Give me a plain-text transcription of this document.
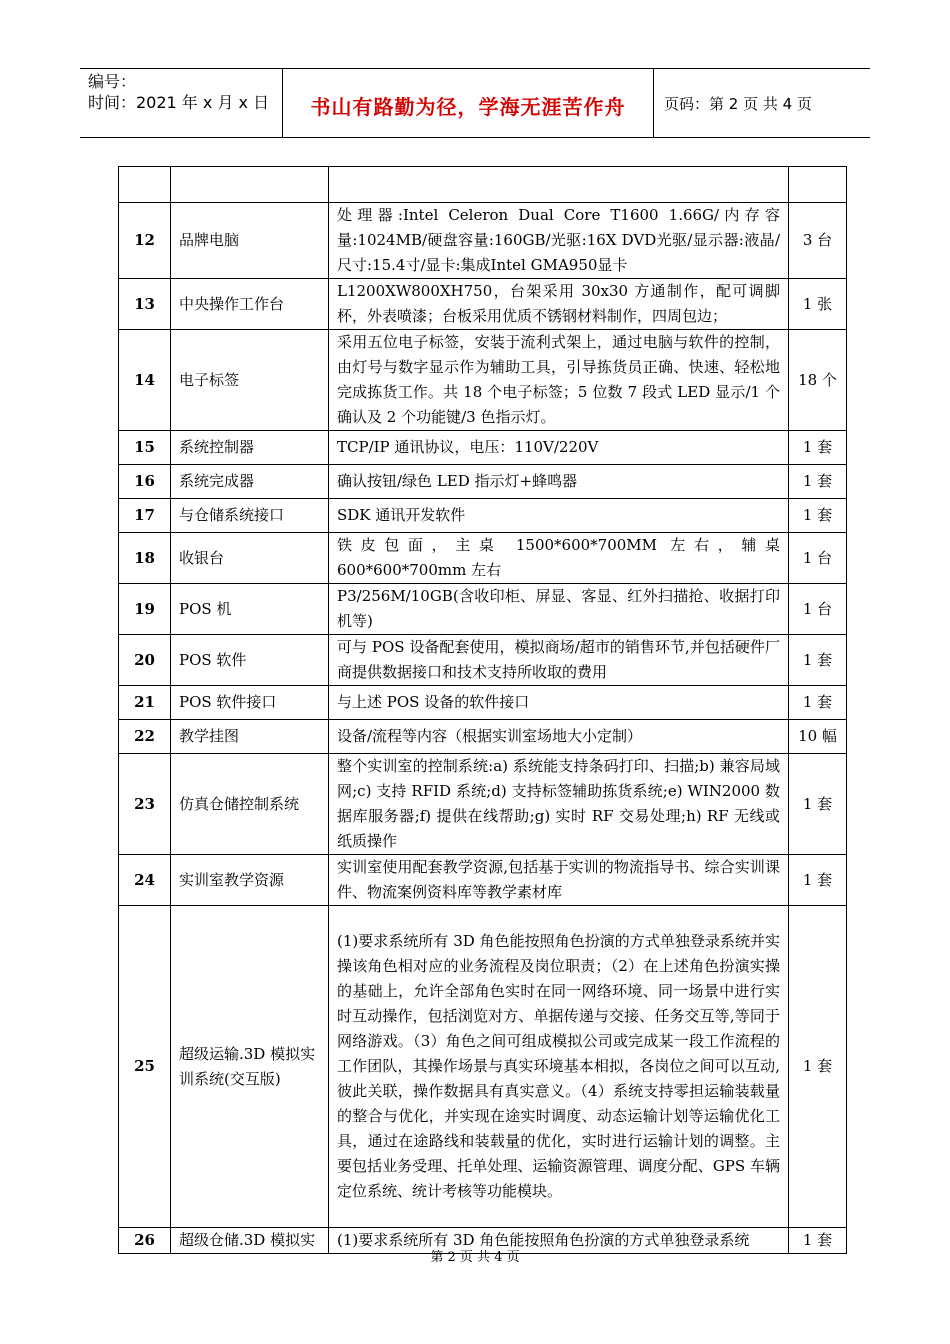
编号：
时间：2021 年 x 月 x 日	书山有路勤为径，学海无涯苦作舟	页码：第 2 页 共 4 页

12	品牌电脑	处理器:Intel Celeron Dual Core T1600 1.66G/内存容量:1024MB/硬盘容量:160GB/光驱:16X DVD光驱/显示器:液晶/尺寸:15.4寸/显卡:集成Intel GMA950显卡	3 台
13	中央操作工作台	L1200XW800XH750，台架采用 30x30 方通制作，配可调脚杯，外表喷漆；台板采用优质不锈钢材料制作，四周包边；	1 张
14	电子标签	采用五位电子标签，安装于流利式架上，通过电脑与软件的控制，由灯号与数字显示作为辅助工具，引导拣货员正确、快速、轻松地完成拣货工作。共 18 个电子标签；5 位数 7 段式 LED 显示/1 个确认及 2 个功能键/3 色指示灯。	18 个
15	系统控制器	TCP/IP 通讯协议，电压：110V/220V	1 套
16	系统完成器	确认按钮/绿色 LED 指示灯+蜂鸣器	1 套
17	与仓储系统接口	SDK 通讯开发软件	1 套
18	收银台	铁皮包面，主桌 1500*600*700MM 左右，辅桌 600*600*700mm 左右	1 台
19	POS 机	P3/256M/10GB(含收印柜、屏显、客显、红外扫描抢、收据打印机等)	1 台
20	POS 软件	可与 POS 设备配套使用，模拟商场/超市的销售环节,并包括硬件厂商提供数据接口和技术支持所收取的费用	1 套
21	POS 软件接口	与上述 POS 设备的软件接口	1 套
22	教学挂图	设备/流程等内容（根据实训室场地大小定制）	10 幅
23	仿真仓储控制系统	整个实训室的控制系统:a) 系统能支持条码打印、扫描;b) 兼容局域网;c) 支持 RFID 系统;d) 支持标签辅助拣货系统;e) WIN2000 数据库服务器;f) 提供在线帮助;g) 实时 RF 交易处理;h) RF 无线或纸质操作	1 套
24	实训室教学资源	实训室使用配套教学资源,包括基于实训的物流指导书、综合实训课件、物流案例资料库等教学素材库	1 套
25	超级运输.3D 模拟实训系统(交互版)	(1)要求系统所有 3D 角色能按照角色扮演的方式单独登录系统并实操该角色相对应的业务流程及岗位职责；（2）在上述角色扮演实操的基础上，允许全部角色实时在同一网络环境、同一场景中进行实时互动操作，包括浏览对方、单据传递与交接、任务交互等,等同于网络游戏。（3）角色之间可组成模拟公司或完成某一段工作流程的工作团队，其操作场景与真实环境基本相拟，各岗位之间可以互动,彼此关联，操作数据具有真实意义。（4）系统支持零担运输装载量的整合与优化，并实现在途实时调度、动态运输计划等运输优化工具，通过在途路线和装载量的优化，实时进行运输计划的调整。主要包括业务受理、托单处理、运输资源管理、调度分配、GPS 车辆定位系统、统计考核等功能模块。	1 套
26	超级仓储.3D 模拟实	(1)要求系统所有 3D 角色能按照角色扮演的方式单独登录系统	1 套
第 2 页 共 4 页
